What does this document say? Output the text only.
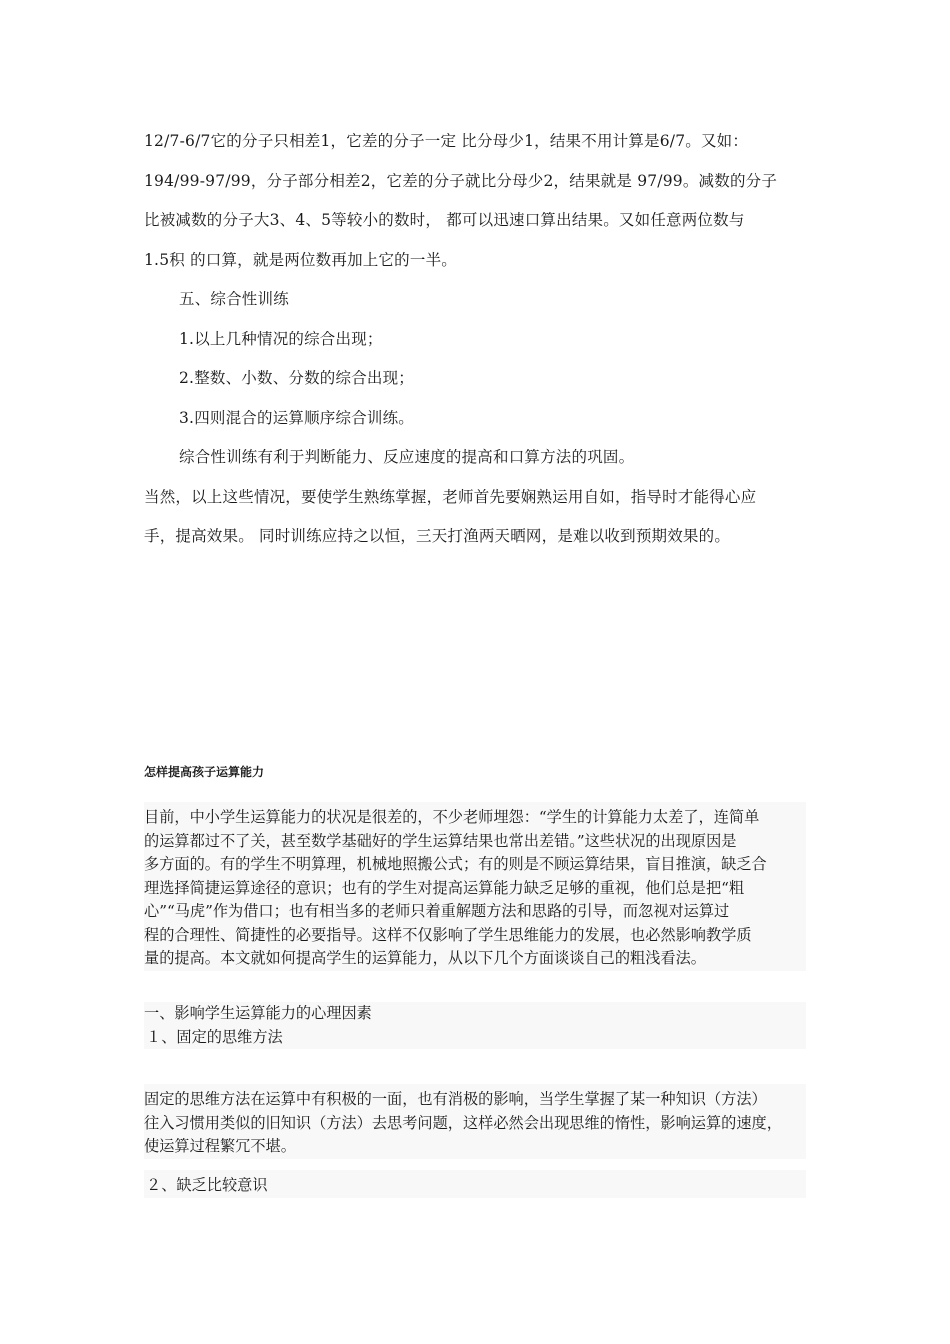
12/7-6/7它的分子只相差1，它差的分子一定 比分母少1，结果不用计算是6/7。又如：

194/99-97/99，分子部分相差2，它差的分子就比分母少2，结果就是 97/99。减数的分子

比被减数的分子大3、4、5等较小的数时， 都可以迅速口算出结果。又如任意两位数与

1.5积 的口算，就是两位数再加上它的一半。

五、综合性训练

1.以上几种情况的综合出现；

2.整数、小数、分数的综合出现；

3.四则混合的运算顺序综合训练。

综合性训练有利于判断能力、反应速度的提高和口算方法的巩固。

当然，以上这些情况，要使学生熟练掌握，老师首先要娴熟运用自如，指导时才能得心应

手，提高效果。 同时训练应持之以恒，三天打渔两天晒网，是难以收到预期效果的。

怎样提高孩子运算能力

目前，中小学生运算能力的状况是很差的，不少老师埋怨：“学生的计算能力太差了，连简单

的运算都过不了关，甚至数学基础好的学生运算结果也常出差错。”这些状况的出现原因是

多方面的。有的学生不明算理，机械地照搬公式；有的则是不顾运算结果，盲目推演，缺乏合

理选择简捷运算途径的意识；也有的学生对提高运算能力缺乏足够的重视，他们总是把“粗

心”“马虎”作为借口；也有相当多的老师只着重解题方法和思路的引导，而忽视对运算过

程的合理性、简捷性的必要指导。这样不仅影响了学生思维能力的发展，也必然影响教学质

量的提高。本文就如何提高学生的运算能力，从以下几个方面谈谈自己的粗浅看法。

一、影响学生运算能力的心理因素

１、固定的思维方法

固定的思维方法在运算中有积极的一面，也有消极的影响，当学生掌握了某一种知识（方法）

往入习惯用类似的旧知识（方法）去思考问题，这样必然会出现思维的惰性，影响运算的速度，

使运算过程繁冗不堪。

２、缺乏比较意识
